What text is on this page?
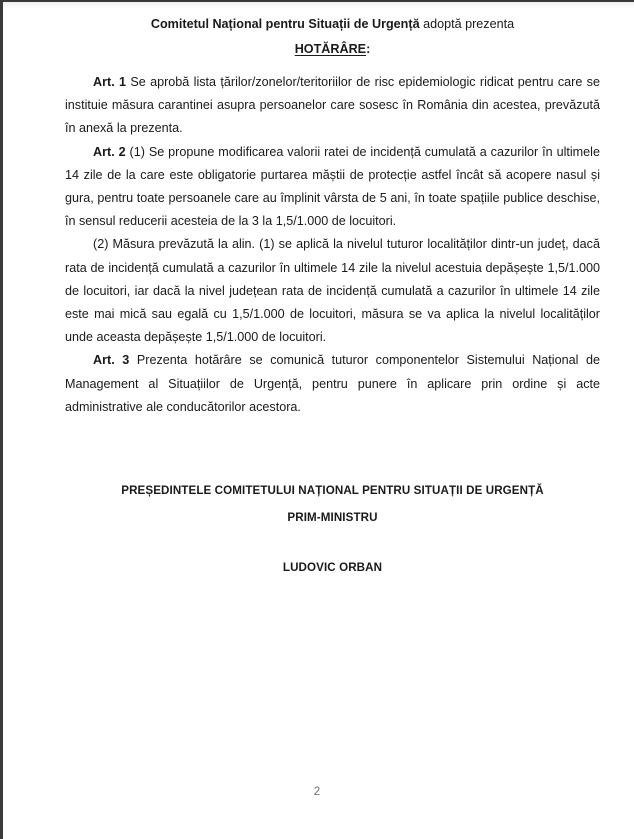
Comitetul Național pentru Situații de Urgență adoptă prezenta
HOTĂRÂRE:

Art. 1 Se aprobă lista țărilor/zonelor/teritoriilor de risc epidemiologic ridicat pentru care se instituie măsura carantinei asupra persoanelor care sosesc în România din acestea, prevăzută în anexă la prezenta.

Art. 2 (1) Se propune modificarea valorii ratei de incidență cumulată a cazurilor în ultimele 14 zile de la care este obligatorie purtarea măștii de protecție astfel încât să acopere nasul și gura, pentru toate persoanele care au împlinit vârsta de 5 ani, în toate spațiile publice deschise, în sensul reducerii acesteia de la 3 la 1,5/1.000 de locuitori.

(2) Măsura prevăzută la alin. (1) se aplică la nivelul tuturor localităților dintr-un județ, dacă rata de incidență cumulată a cazurilor în ultimele 14 zile la nivelul acestuia depășește 1,5/1.000 de locuitori, iar dacă la nivel județean rata de incidență cumulată a cazurilor în ultimele 14 zile este mai mică sau egală cu 1,5/1.000 de locuitori, măsura se va aplica la nivelul localităților unde aceasta depășește 1,5/1.000 de locuitori.

Art. 3 Prezenta hotărâre se comunică tuturor componentelor Sistemului Național de Management al Situațiilor de Urgență, pentru punere în aplicare prin ordine și acte administrative ale conducătorilor acestora.

PREȘEDINTELE COMITETULUI NAȚIONAL PENTRU SITUAȚII DE URGENȚĂ
PRIM-MINISTRU
LUDOVIC ORBAN
2
